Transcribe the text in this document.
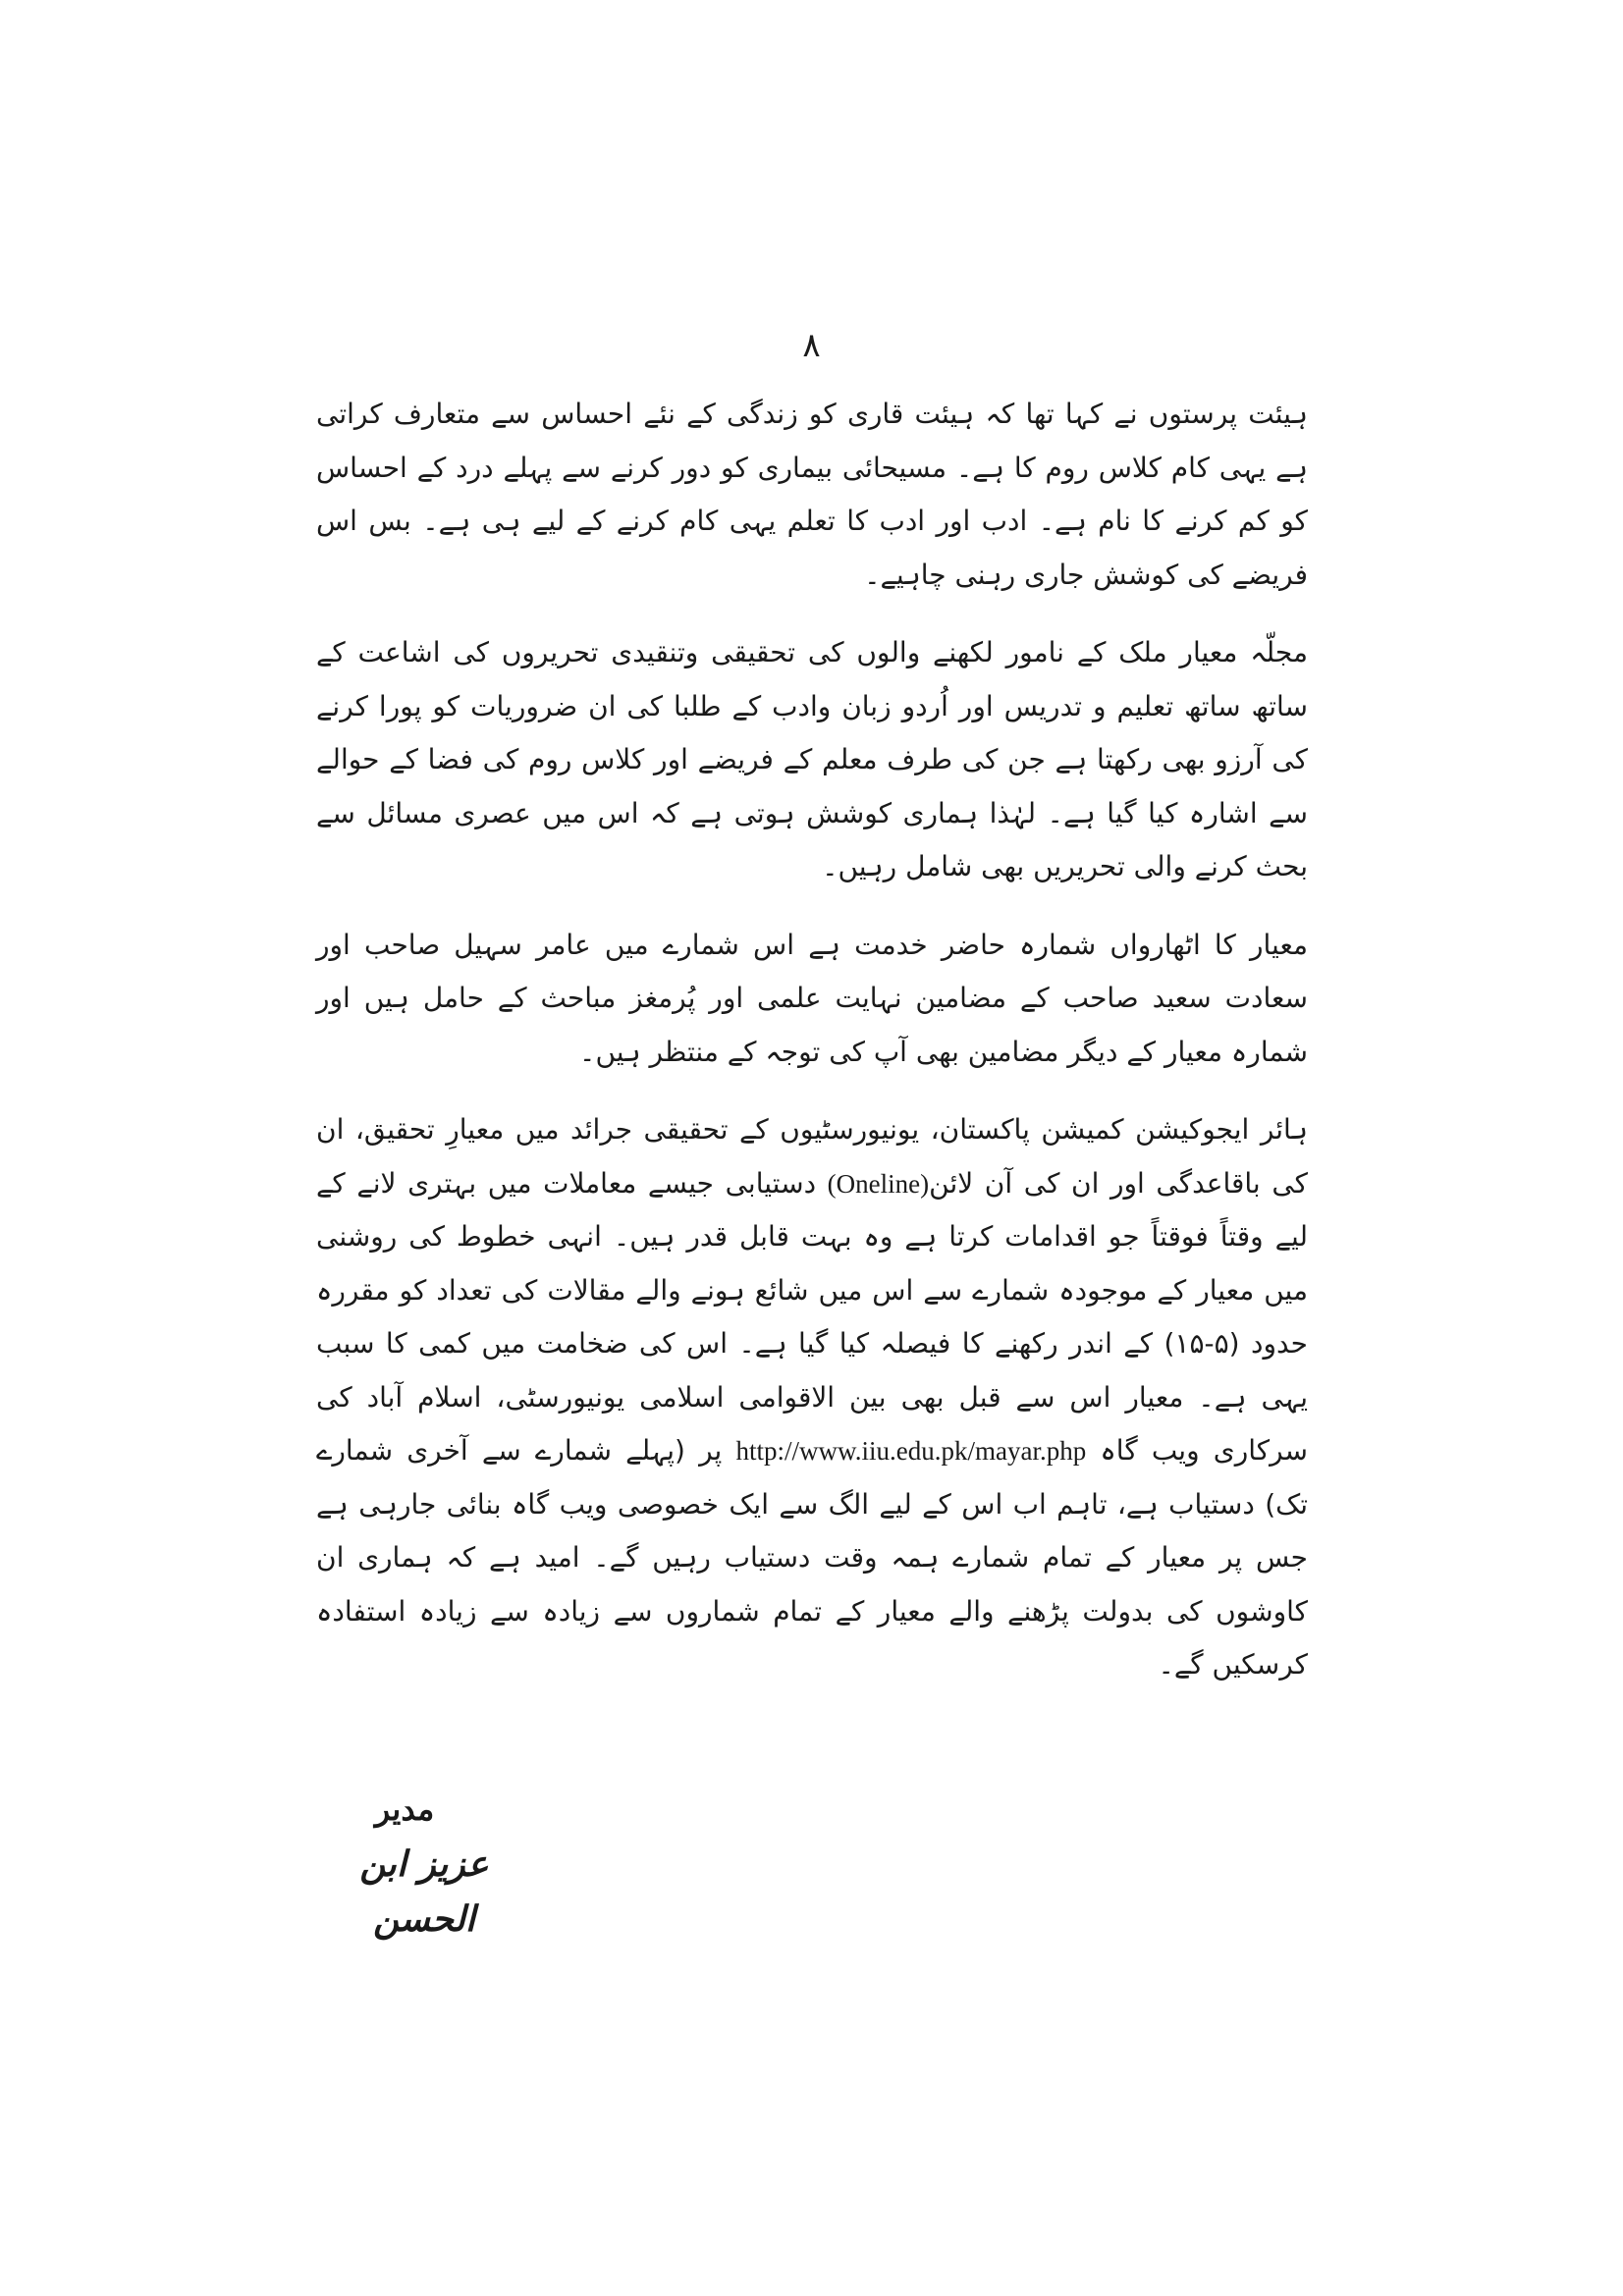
۸

ہیئت پرستوں نے کہا تھا کہ ہیئت قاری کو زندگی کے نئے احساس سے متعارف کراتی ہے یہی کام کلاس روم کا ہے۔ مسیحائی بیماری کو دور کرنے سے پہلے درد کے احساس کو کم کرنے کا نام ہے۔ ادب اور ادب کا تعلم یہی کام کرنے کے لیے ہی ہے۔ بس اس فریضے کی کوشش جاری رہنی چاہیے۔

مجلّہ معیار ملک کے نامور لکھنے والوں کی تحقیقی وتنقیدی تحریروں کی اشاعت کے ساتھ ساتھ تعلیم و تدریس اور اُردو زبان وادب کے طلبا کی ان ضروریات کو پورا کرنے کی آرزو بھی رکھتا ہے جن کی طرف معلم کے فریضے اور کلاس روم کی فضا کے حوالے سے اشارہ کیا گیا ہے۔ لہٰذا ہماری کوشش ہوتی ہے کہ اس میں عصری مسائل سے بحث کرنے والی تحریریں بھی شامل رہیں۔

معیار کا اٹھارواں شمارہ حاضر خدمت ہے اس شمارے میں عامر سہیل صاحب اور سعادت سعید صاحب کے مضامین نہایت علمی اور پُرمغز مباحث کے حامل ہیں اور شمارہ معیار کے دیگر مضامین بھی آپ کی توجہ کے منتظر ہیں۔

ہائر ایجوکیشن کمیشن پاکستان، یونیورسٹیوں کے تحقیقی جرائد میں معیارِ تحقیق، ان کی باقاعدگی اور ان کی آن لائن(Oneline) دستیابی جیسے معاملات میں بہتری لانے کے لیے وقتاً فوقتاً جو اقدامات کرتا ہے وہ بہت قابل قدر ہیں۔ انہی خطوط کی روشنی میں معیار کے موجودہ شمارے سے اس میں شائع ہونے والے مقالات کی تعداد کو مقررہ حدود (۵-۱۵) کے اندر رکھنے کا فیصلہ کیا گیا ہے۔ اس کی ضخامت میں کمی کا سبب یہی ہے۔ معیار اس سے قبل بھی بین الاقوامی اسلامی یونیورسٹی، اسلام آباد کی سرکاری ویب گاہ http://www.iiu.edu.pk/mayar.php پر (پہلے شمارے سے آخری شمارے تک) دستیاب ہے، تاہم اب اس کے لیے الگ سے ایک خصوصی ویب گاہ بنائی جارہی ہے جس پر معیار کے تمام شمارے ہمہ وقت دستیاب رہیں گے۔ امید ہے کہ ہماری ان کاوشوں کی بدولت پڑھنے والے معیار کے تمام شماروں سے زیادہ سے زیادہ استفادہ کرسکیں گے۔

مدیر
عزیز ابن الحسن
